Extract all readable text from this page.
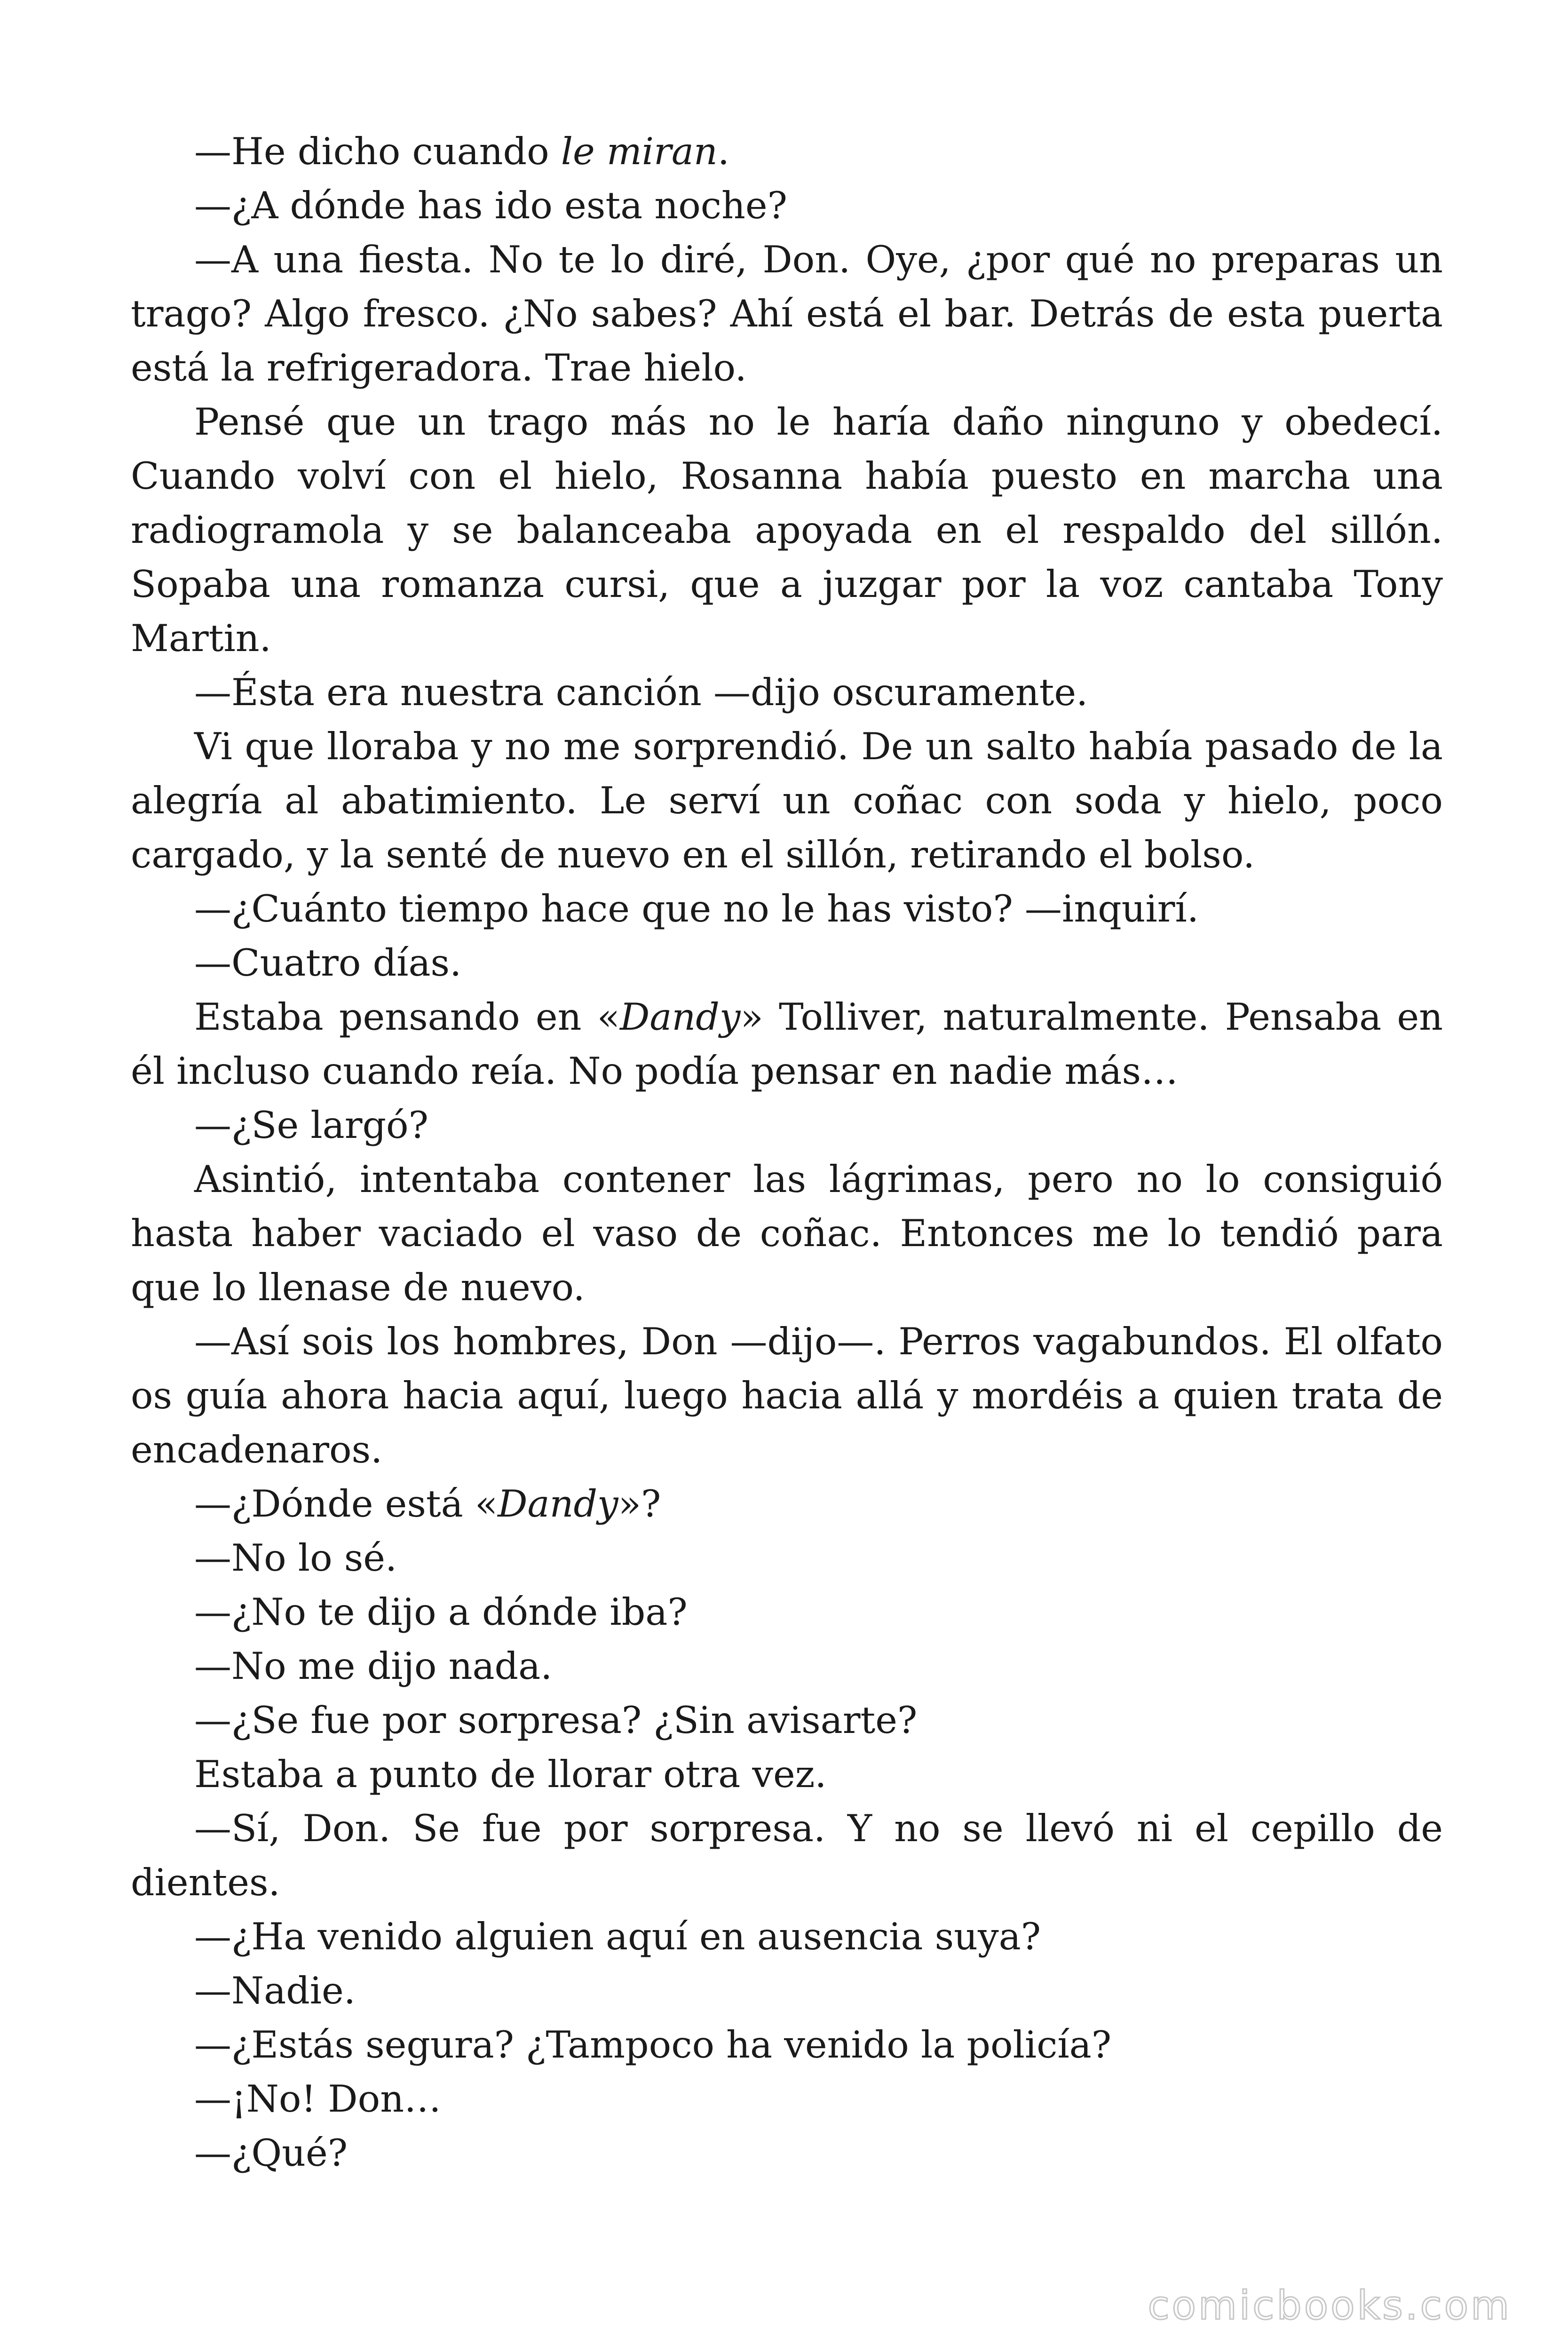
—He dicho cuando le miran.

—¿A dónde has ido esta noche?

—A una fiesta. No te lo diré, Don. Oye, ¿por qué no preparas un trago? Algo fresco. ¿No sabes? Ahí está el bar. Detrás de esta puerta está la refrigeradora. Trae hielo.

Pensé que un trago más no le haría daño ninguno y obedecí. Cuando volví con el hielo, Rosanna había puesto en marcha una radiogramola y se balanceaba apoyada en el respaldo del sillón. Sopaba una romanza cursi, que a juzgar por la voz cantaba Tony Martin.

—Ésta era nuestra canción —dijo oscuramente.

Vi que lloraba y no me sorprendió. De un salto había pasado de la alegría al abatimiento. Le serví un coñac con soda y hielo, poco cargado, y la senté de nuevo en el sillón, retirando el bolso.

—¿Cuánto tiempo hace que no le has visto? —inquirí.

—Cuatro días.

Estaba pensando en «Dandy» Tolliver, naturalmente. Pensaba en él incluso cuando reía. No podía pensar en nadie más…

—¿Se largó?

Asintió, intentaba contener las lágrimas, pero no lo consiguió hasta haber vaciado el vaso de coñac. Entonces me lo tendió para que lo llenase de nuevo.

—Así sois los hombres, Don —dijo—. Perros vagabundos. El olfato os guía ahora hacia aquí, luego hacia allá y mordéis a quien trata de encadenaros.

—¿Dónde está «Dandy»?

—No lo sé.

—¿No te dijo a dónde iba?

—No me dijo nada.

—¿Se fue por sorpresa? ¿Sin avisarte?

Estaba a punto de llorar otra vez.

—Sí, Don. Se fue por sorpresa. Y no se llevó ni el cepillo de dientes.

—¿Ha venido alguien aquí en ausencia suya?

—Nadie.

—¿Estás segura? ¿Tampoco ha venido la policía?

—¡No! Don…

—¿Qué?

comicbooks.com
